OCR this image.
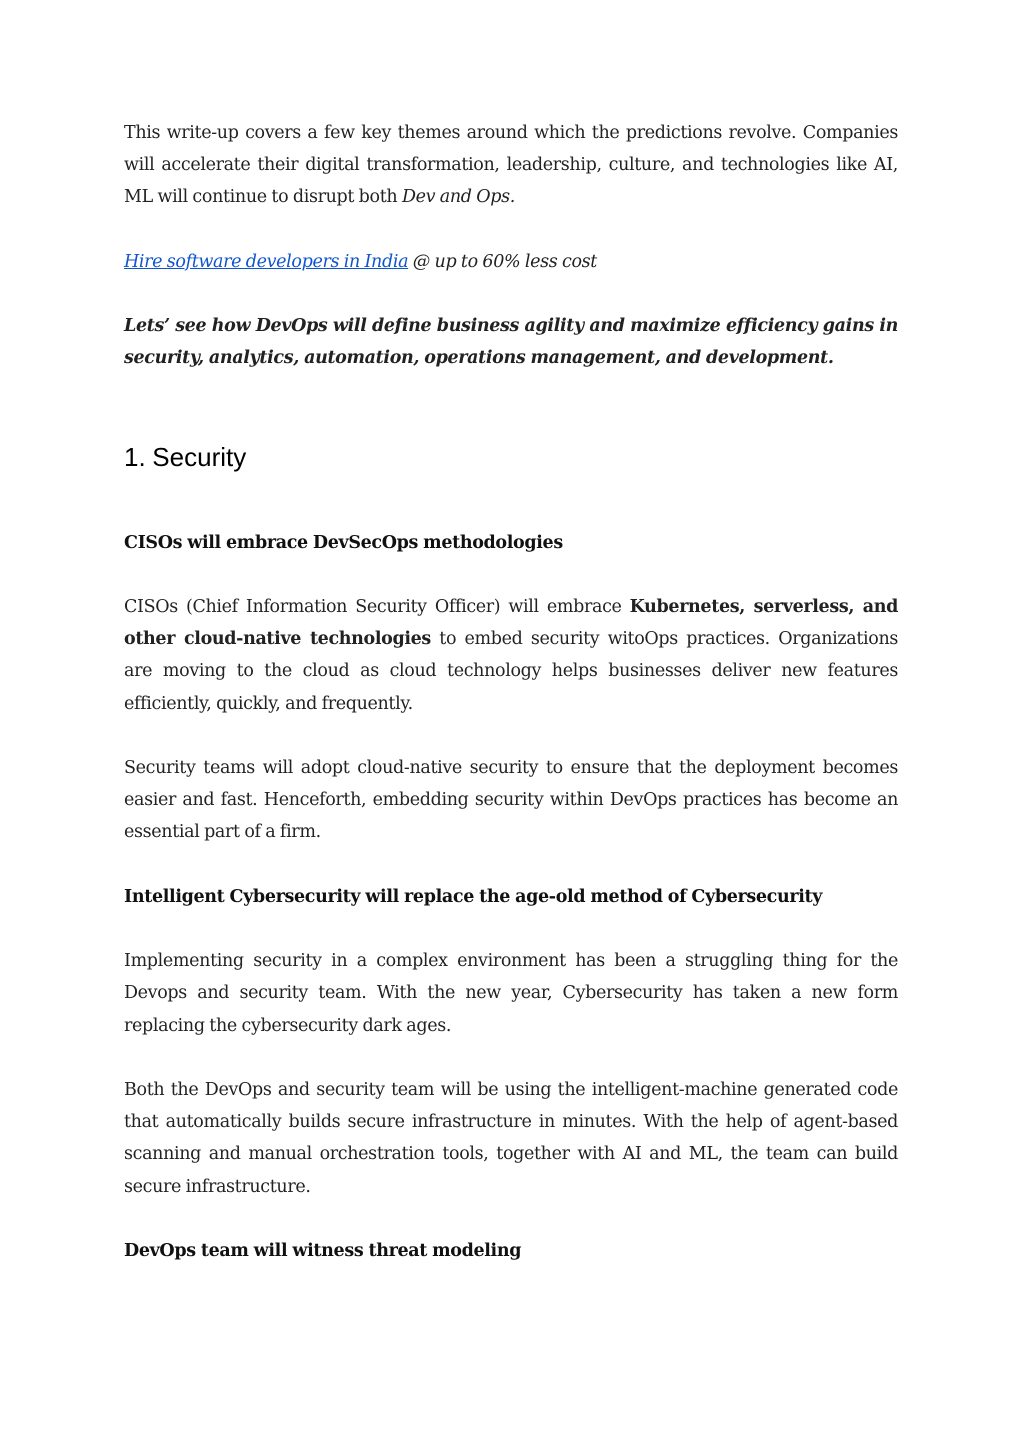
This write-up covers a few key themes around which the predictions revolve. Companies will accelerate their digital transformation, leadership, culture, and technologies like AI, ML will continue to disrupt both Dev and Ops.

Hire software developers in India @ up to 60% less cost

Lets’ see how DevOps will define business agility and maximize efficiency gains in security, analytics, automation, operations management, and development.

1. Security
CISOs will embrace DevSecOps methodologies

CISOs (Chief Information Security Officer) will embrace Kubernetes, serverless, and other cloud-native technologies to embed security witoOps practices. Organizations are moving to the cloud as cloud technology helps businesses deliver new features efficiently, quickly, and frequently.

Security teams will adopt cloud-native security to ensure that the deployment becomes easier and fast. Henceforth, embedding security within DevOps practices has become an essential part of a firm.

Intelligent Cybersecurity will replace the age-old method of Cybersecurity

Implementing security in a complex environment has been a struggling thing for the Devops and security team. With the new year, Cybersecurity has taken a new form replacing the cybersecurity dark ages.

Both the DevOps and security team will be using the intelligent-machine generated code that automatically builds secure infrastructure in minutes. With the help of agent-based scanning and manual orchestration tools, together with AI and ML, the team can build secure infrastructure.

DevOps team will witness threat modeling
